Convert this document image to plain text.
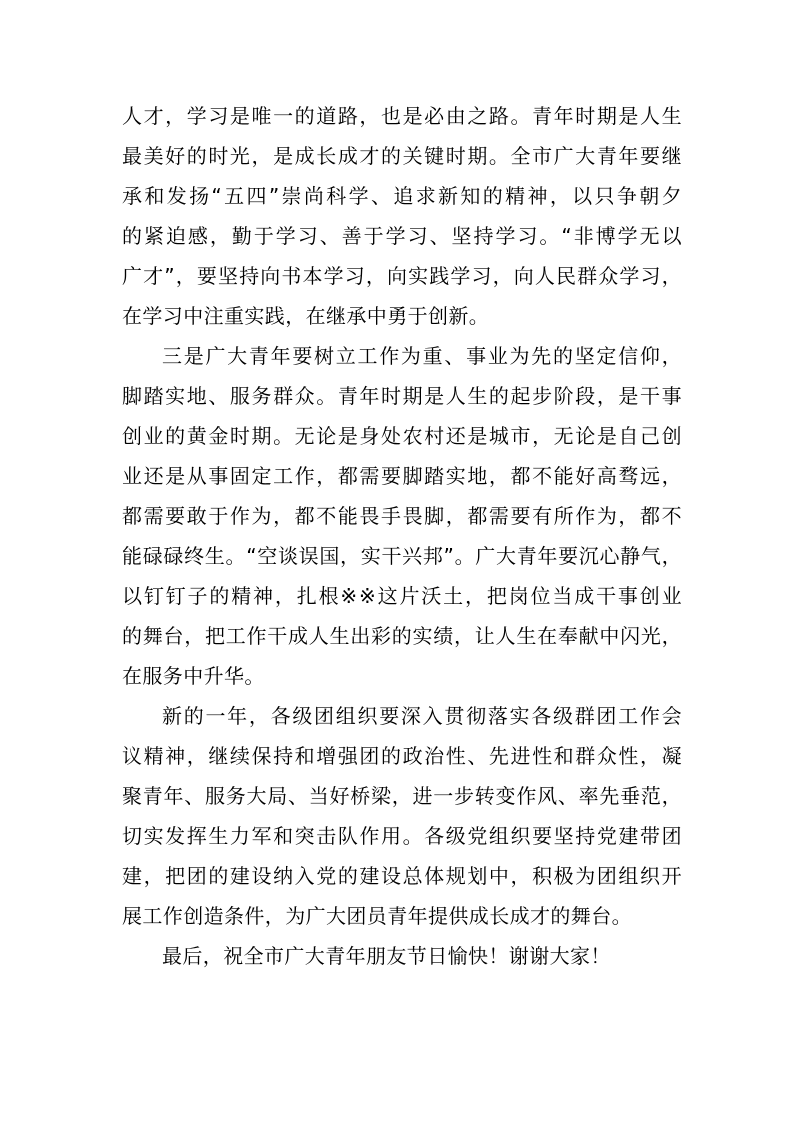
人才，学习是唯一的道路，也是必由之路。青年时期是人生
最美好的时光，是成长成才的关键时期。全市广大青年要继
承和发扬“五四”崇尚科学、追求新知的精神，以只争朝夕
的紧迫感，勤于学习、善于学习、坚持学习。“非博学无以
广才”，要坚持向书本学习，向实践学习，向人民群众学习，
在学习中注重实践，在继承中勇于创新。
三是广大青年要树立工作为重、事业为先的坚定信仰，
脚踏实地、服务群众。青年时期是人生的起步阶段，是干事
创业的黄金时期。无论是身处农村还是城市，无论是自己创
业还是从事固定工作，都需要脚踏实地，都不能好高骛远，
都需要敢于作为，都不能畏手畏脚，都需要有所作为，都不
能碌碌终生。“空谈误国，实干兴邦”。广大青年要沉心静气，
以钉钉子的精神，扎根※※这片沃土，把岗位当成干事创业
的舞台，把工作干成人生出彩的实绩，让人生在奉献中闪光，
在服务中升华。
新的一年，各级团组织要深入贯彻落实各级群团工作会
议精神，继续保持和增强团的政治性、先进性和群众性，凝
聚青年、服务大局、当好桥梁，进一步转变作风、率先垂范，
切实发挥生力军和突击队作用。各级党组织要坚持党建带团
建，把团的建设纳入党的建设总体规划中，积极为团组织开
展工作创造条件，为广大团员青年提供成长成才的舞台。
最后，祝全市广大青年朋友节日愉快！谢谢大家！
